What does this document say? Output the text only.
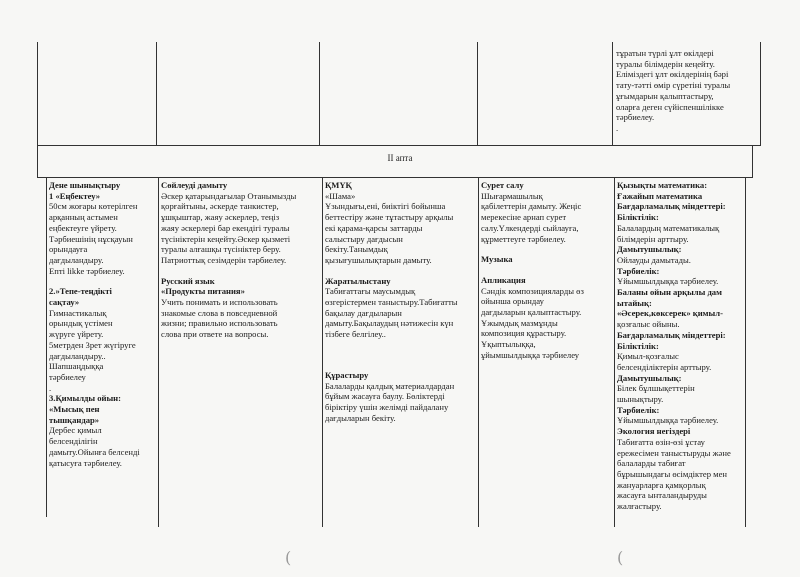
тұратын түрлі ұлт өкілдері

туралы білімдерін кеңейту.

Елімiздегі ұлт өкілдерінің бәрі

тату-тәтті өмір сүретіні туралы

ұғымдарын қалыптастыру,

оларға деген сүйіспеншілікке

тәрбиелеу.

.

II апта

Дене шынықтыру

1 «Еңбектеу»

50см жоғары көтерілген

арқанның астымен

еңбектеуге үйрету.

Тәрбиешінің нұсқауын

орындауға

дағдыландыру.

Епті likke тәрбиелеу.

2.»Тепе-теңдікті

сақтау»

Гимнастикалық

орындық үстімен

жүруге үйрету.

5метрден 3рет жүгіруге

дағдыландыру..

Шапшаңдыққа

тәрбиелеу

.

3.Қимылды ойын:

«Мысық пен

тышқандар»

Дербес қимыл

белсенділігін

дамыту.Ойынға белсенді

қатысуға тәрбиелеу.

Сөйлеуді дамыту

Әскер қатарындағылар Отанымызды

қорғайтыны, әскерде танкистер,

ұшқыштар, жаяу әскерлер, теңіз

жаяу әскерлері бар екендігі туралы

түсініктерін кеңейту.Әскер қызметі

туралы алғашқы түсініктер беру.

Патриоттық сезімдерін тәрбиелеу.

Русский язык

«Продукты питания»

Учить понимать и использовать

знакомые слова в повседневной

жизни; правильно использовать

слова при ответе на вопросы.

ҚМҮҚ

«Шама»

Ұзындығы,ені, биіктігі бойынша

беттестіру және тұтастыру арқылы

екі қарама-қарсы заттарды

салыстыру дағдысын

бекіту.Танымдық

қызығушылықтарын дамыту.

Жаратылыстану

Табиғаттағы маусымдық

өзгерістермен таныстыру.Табиғатты

бақылау дағдыларын

дамыту.Бақылаудың нәтижесін күн

тізбеге белгілеу..

Құрастыру

Балаларды қалдық материалдардан

бұйым жасауға баулу. Бөліктерді

біріктіру үшін желімді пайдалану

дағдыларын бекіту.

Сурет салу

Шығармашылық

қабілеттерін дамыту. Жеңіс

мерекесіне арнап сурет

салу.Үлкендерді сыйлауға,

құрметтеуге тәрбиелеу.

Музыка

Апликация

Сәндік композицияларды өз

ойынша орындау

дағдыларын қалыптастыру.

Ұжымдық мазмұнды

композиция құрастыру.

Ұқыптылыққа,

ұйымшылдыққа тәрбиелеу

Қызықты математика:

Ғажайып математика

Бағдарламалық міндеттері:

Біліктілік:

Балалардың математикалық

білімдерін арттыру.

Дамытушылық:

Ойлауды дамытады.

Тәрбиелік:

Ұйымшылдыққа тәрбиелеу.

Баланы ойын арқылы дам

ытайық:

«Әсерек,көксерек» қимыл-

қозғалыс ойыны.

Бағдарламалық міндеттері:

Біліктілік:

Қимыл-қозғалыс

белсенділіктерін арттыру.

Дамытушылық:

Білек бұлшықеттерін

шынықтыру.

Тәрбиелік:

Ұйымшылдыққа тәрбиелеу.

Экология негіздері

Табиғатта өзін-өзі ұстау

ережесімен таныстыруды және

балаларды табиғат

бұрышындағы өсімдіктер мен

жануарларға қамқорлық

жасауға ынталандыруды

жалғастыру.

(	(
